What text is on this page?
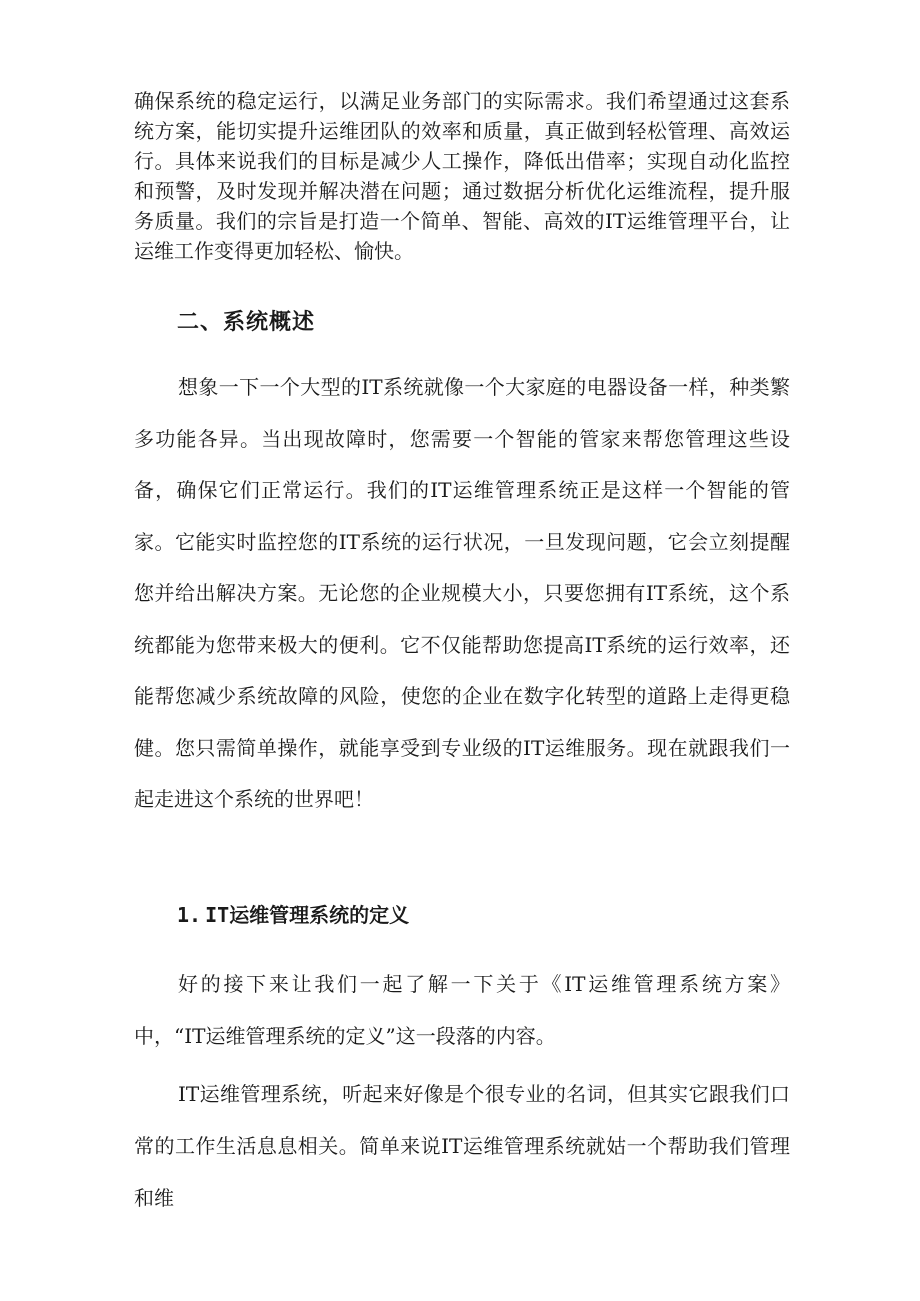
确保系统的稳定运行，以满足业务部门的实际需求。我们希望通过这套系统方案，能切实提升运维团队的效率和质量，真正做到轻松管理、高效运行。具体来说我们的目标是减少人工操作，降低出借率；实现自动化监控和预警，及时发现并解决潜在问题；通过数据分析优化运维流程，提升服务质量。我们的宗旨是打造一个简单、智能、高效的IT运维管理平台，让运维工作变得更加轻松、愉快。

二、系统概述

想象一下一个大型的IT系统就像一个大家庭的电器设备一样，种类繁多功能各异。当出现故障时，您需要一个智能的管家来帮您管理这些设备，确保它们正常运行。我们的IT运维管理系统正是这样一个智能的管家。它能实时监控您的IT系统的运行状况，一旦发现问题，它会立刻提醒您并给出解决方案。无论您的企业规模大小，只要您拥有IT系统，这个系统都能为您带来极大的便利。它不仅能帮助您提高IT系统的运行效率，还能帮您减少系统故障的风险，使您的企业在数字化转型的道路上走得更稳健。您只需简单操作，就能享受到专业级的IT运维服务。现在就跟我们一起走进这个系统的世界吧！

1. IT运维管理系统的定义

好的接下来让我们一起了解一下关于《IT运维管理系统方案》中，“IT运维管理系统的定义”这一段落的内容。

IT运维管理系统，听起来好像是个很专业的名词，但其实它跟我们口常的工作生活息息相关。简单来说IT运维管理系统就姑一个帮助我们管理和维
